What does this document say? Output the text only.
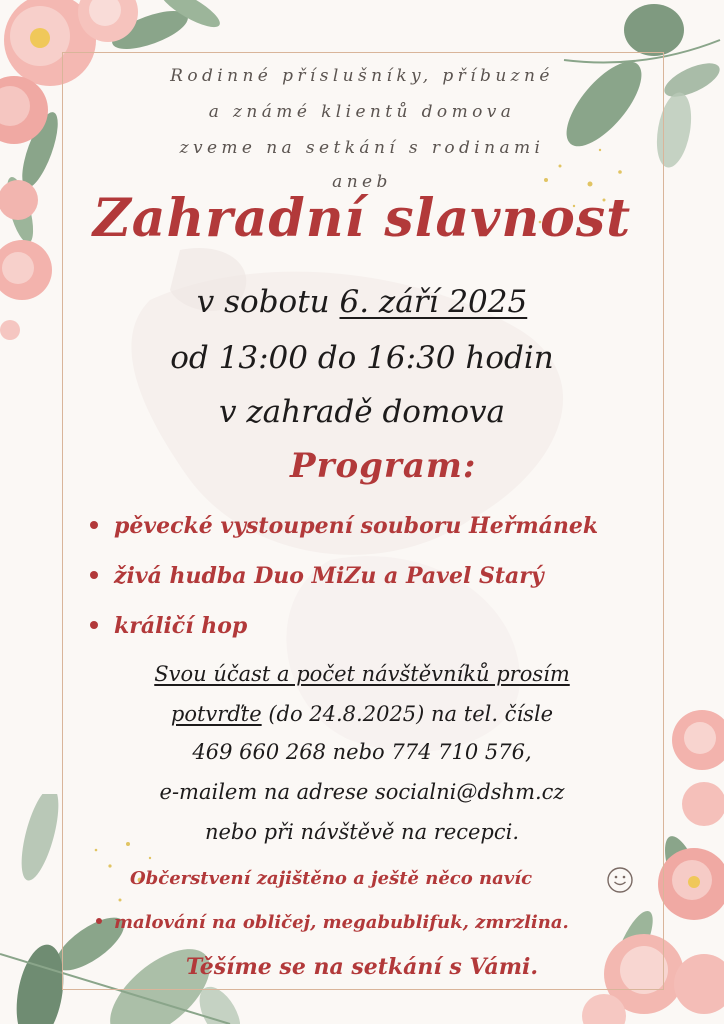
Rodinné příslušníky, příbuzné
a známé klientů domova
zveme na setkání s rodinami
aneb
Zahradní slavnost
v sobotu 6. září 2025
od 13:00 do 16:30 hodin
v zahradě domova
Program:
pěvecké vystoupení souboru Heřmánek
živá hudba Duo MiZu a Pavel Starý
králičí hop
Svou účast a počet návštěvníků prosím
potvrďte (do 24.8.2025) na tel. čísle
469 660 268 nebo 774 710 576,
e-mailem na adrese socialni@dshm.cz
nebo při návštěvě na recepci.
Občerstvení zajištěno a ještě něco navíc
malování na obličej, megabublifuk, zmrzlina.
Těšíme se na setkání s Vámi.
